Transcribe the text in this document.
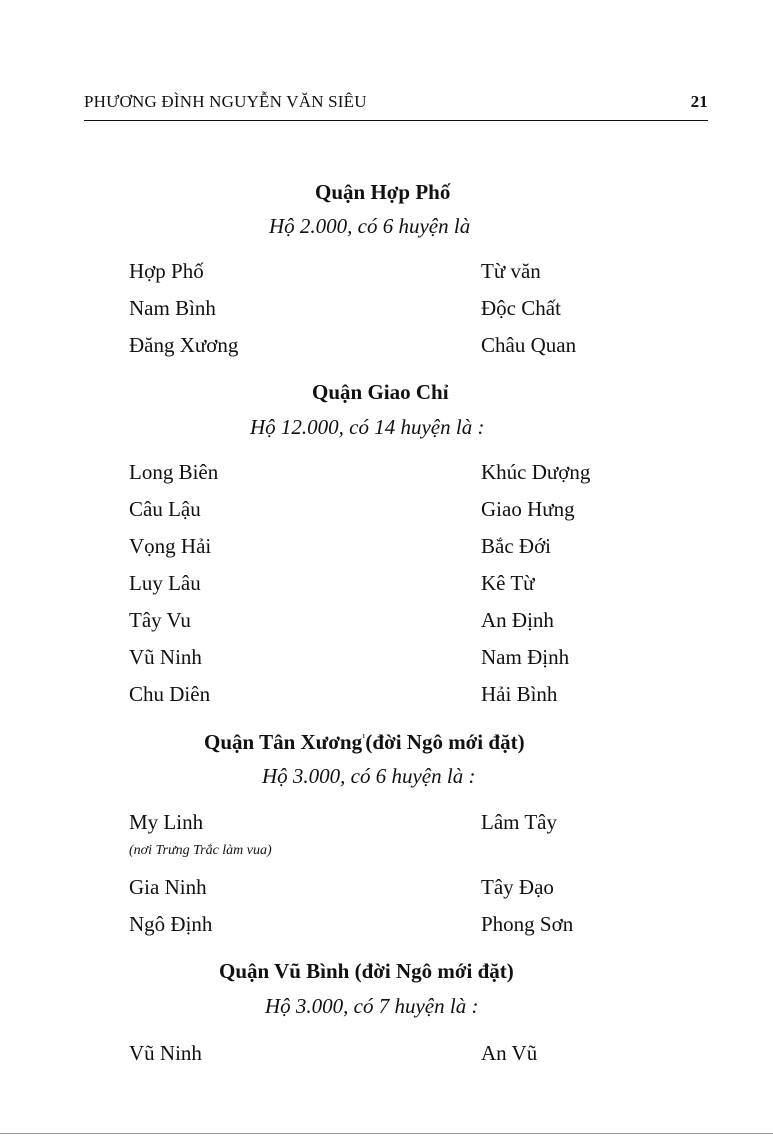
PHƯƠNG ĐÌNH NGUYỄN VĂN SIÊU	21
Quận Hợp Phố
Hộ 2.000, có 6 huyện là
Hợp Phố
Nam Bình
Đăng Xương
Từ văn
Độc Chất
Châu Quan
Quận Giao Chỉ
Hộ 12.000, có 14 huyện là :
Long Biên
Câu Lậu
Vọng Hải
Luy Lâu
Tây Vu
Vũ Ninh
Chu Diên
Khúc Dượng
Giao Hưng
Bắc Đới
Kê Từ
An Định
Nam Định
Hải Bình
Quận Tân Xương$^{^1}$(đời Ngô mới đặt)
Hộ 3.000, có 6 huyện là :
My Linh
(nơi Trưng Trắc làm vua)
Gia Ninh
Ngô Định
Lâm Tây
Tây Đạo
Phong Sơn
Quận Vũ Bình (đời Ngô mới đặt)
Hộ 3.000, có 7 huyện là :
Vũ Ninh	An Vũ
